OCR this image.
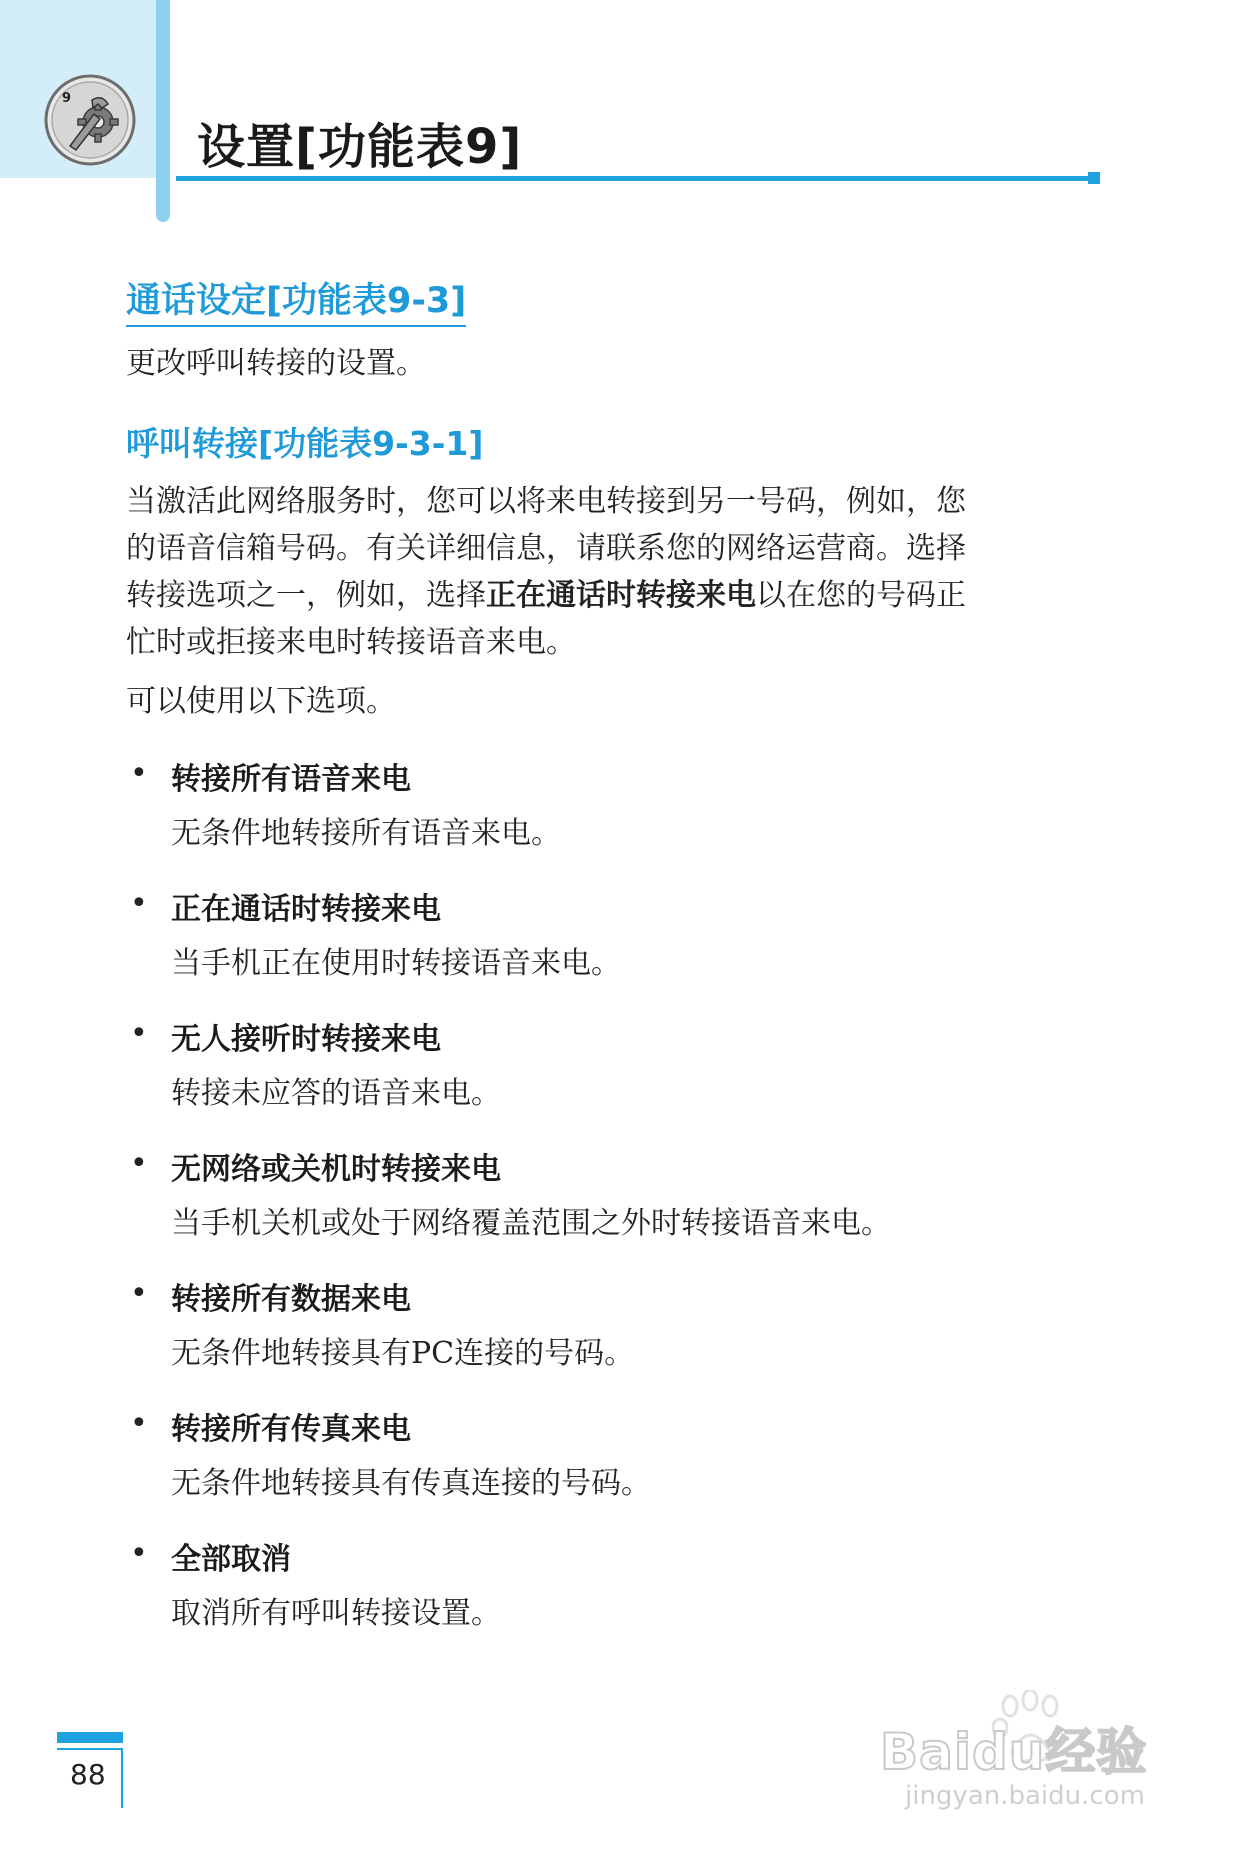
9
设置[功能表9]
通话设定[功能表9-3]

更改呼叫转接的设置。

呼叫转接[功能表9-3-1]

当激活此网络服务时，您可以将来电转接到另一号码，例如，您
的语音信箱号码。有关详细信息，请联系您的网络运营商。选择
转接选项之一，例如，选择正在通话时转接来电以在您的号码正
忙时或拒接来电时转接语音来电。

可以使用以下选项。

• 转接所有语音来电
无条件地转接所有语音来电。
• 正在通话时转接来电
当手机正在使用时转接语音来电。
• 无人接听时转接来电
转接未应答的语音来电。
• 无网络或关机时转接来电
当手机关机或处于网络覆盖范围之外时转接语音来电。
• 转接所有数据来电
无条件地转接具有PC连接的号码。
• 转接所有传真来电
无条件地转接具有传真连接的号码。
• 全部取消
取消所有呼叫转接设置。

88	Baidu经验

jingyan.baidu.com
